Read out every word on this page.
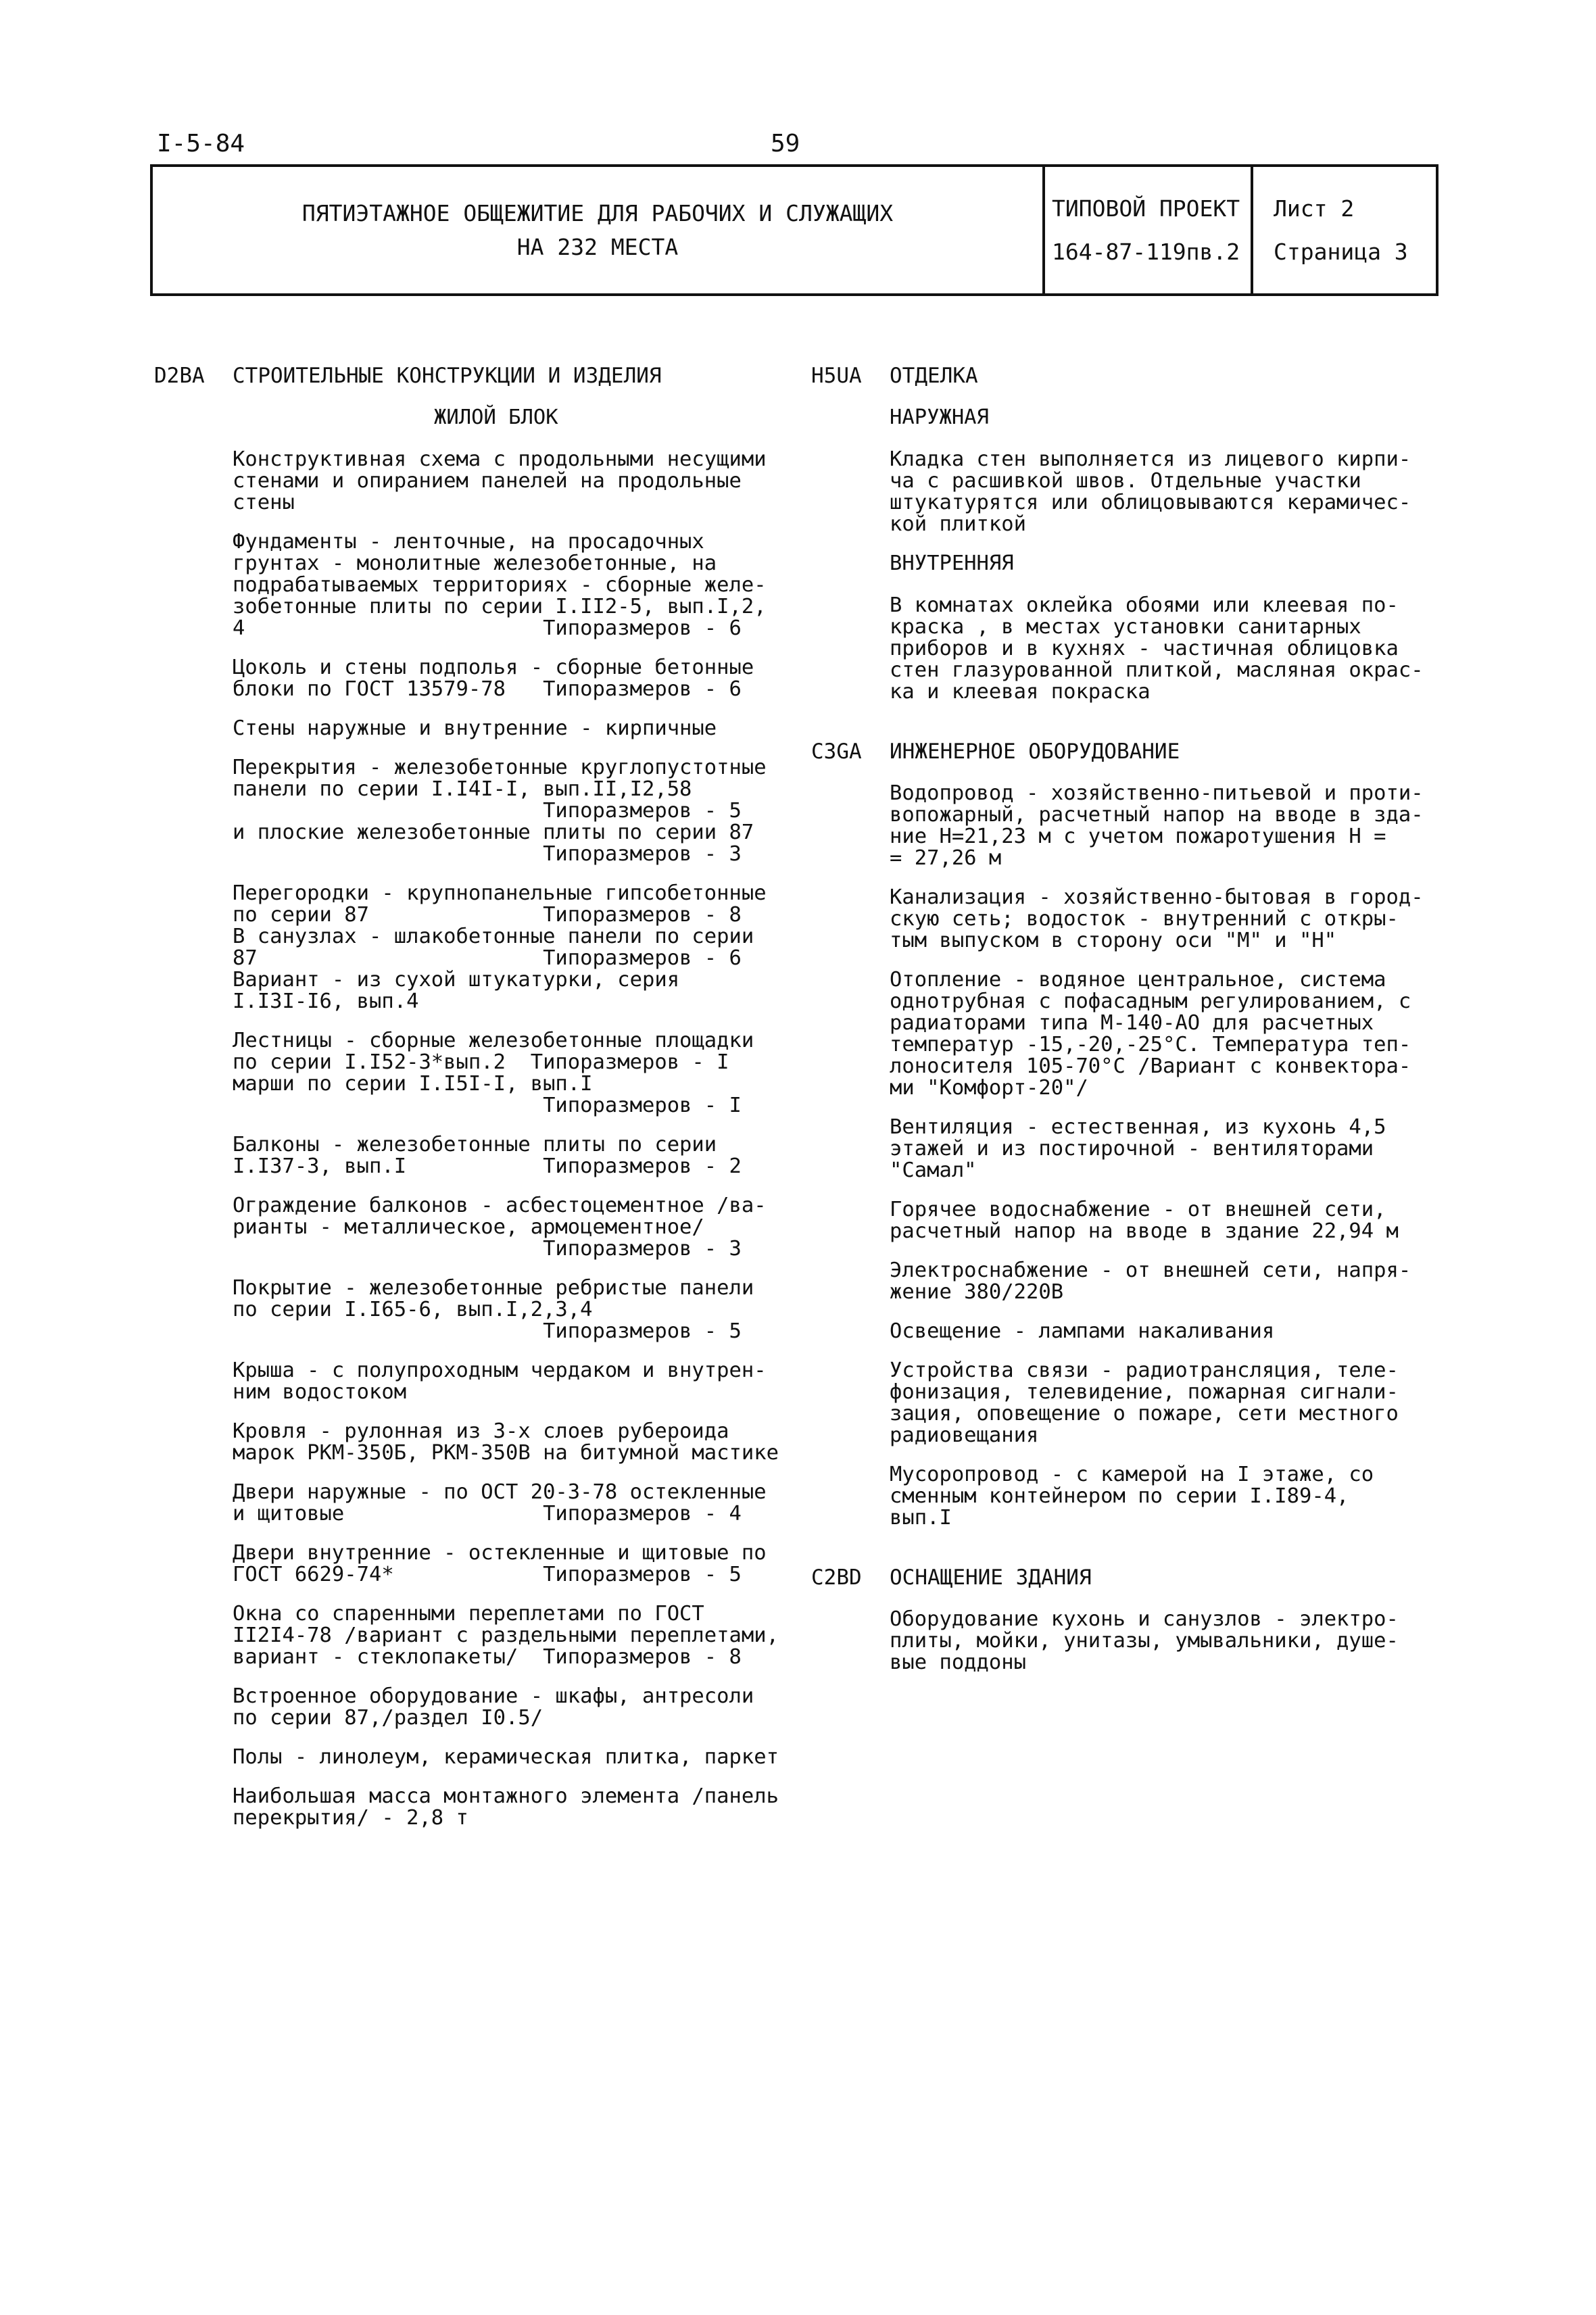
I-5-84	59
ПЯТИЭТАЖНОЕ ОБЩЕЖИТИЕ ДЛЯ РАБОЧИХ И СЛУЖАЩИХ
НА 232 МЕСТА
ТИПОВОЙ ПРОЕКТ
164-87-119пв.2
Лист 2
Страница 3
D2BA СТРОИТЕЛЬНЫЕ КОНСТРУКЦИИ И ИЗДЕЛИЯ
ЖИЛОЙ БЛОК
Конструктивная схема с продольными несущими
стенами и опиранием панелей на продольные
стены
Фундаменты - ленточные, на просадочных
грунтах - монолитные железобетонные, на
подрабатываемых территориях - сборные желе-
зобетонные плиты по серии I.II2-5, вып.I,2,
4                        Типоразмеров - 6
Цоколь и стены подполья - сборные бетонные
блоки по ГОСТ 13579-78   Типоразмеров - 6
Стены наружные и внутренние - кирпичные
Перекрытия - железобетонные круглопустотные
панели по серии I.I4I-I, вып.II,I2,58
Типоразмеров - 5
и плоские железобетонные плиты по серии 87
Типоразмеров - 3
Перегородки - крупнопанельные гипсобетонные
по серии 87              Типоразмеров - 8
В санузлах - шлакобетонные панели по серии
87                       Типоразмеров - 6
Вариант - из сухой штукатурки, серия
I.I3I-I6, вып.4
Лестницы - сборные железобетонные площадки
по серии I.I52-3*вып.2  Типоразмеров - I
марши по серии I.I5I-I, вып.I
Типоразмеров - I
Балконы - железобетонные плиты по серии
I.I37-3, вып.I           Типоразмеров - 2
Ограждение балконов - асбестоцементное /ва-
рианты - металлическое, армоцементное/
Типоразмеров - 3
Покрытие - железобетонные ребристые панели
по серии I.I65-6, вып.I,2,3,4
Типоразмеров - 5
Крыша - с полупроходным чердаком и внутрен-
ним водостоком
Кровля - рулонная из 3-х слоев рубероида
марок РКМ-350Б, РКМ-350В на битумной мастике
Двери наружные - по ОСТ 20-3-78 остекленные
и щитовые                Типоразмеров - 4
Двери внутренние - остекленные и щитовые по
ГОСТ 6629-74*            Типоразмеров - 5
Окна со спаренными переплетами по ГОСТ
II2I4-78 /вариант с раздельными переплетами,
вариант - стеклопакеты/  Типоразмеров - 8
Встроенное оборудование - шкафы, антресоли
по серии 87,/раздел I0.5/
Полы - линолеум, керамическая плитка, паркет
Наибольшая масса монтажного элемента /панель
перекрытия/ - 2,8 т
H5UA ОТДЕЛКА
НАРУЖНАЯ
Кладка стен выполняется из лицевого кирпи-
ча с расшивкой швов. Отдельные участки
штукатурятся или облицовываются керамичес-
кой плиткой
ВНУТРЕННЯЯ
В комнатах оклейка обоями или клеевая по-
краска , в местах установки санитарных
приборов и в кухнях - частичная облицовка
стен глазурованной плиткой, масляная окрас-
ка и клеевая покраска
C3GA ИНЖЕНЕРНОЕ ОБОРУДОВАНИЕ
Водопровод - хозяйственно-питьевой и проти-
вопожарный, расчетный напор на вводе в зда-
ние Н=21,23 м с учетом пожаротушения Н =
= 27,26 м
Канализация - хозяйственно-бытовая в город-
скую сеть; водосток - внутренний с откры-
тым выпуском в сторону оси "М" и "Н"
Отопление - водяное центральное, система
однотрубная с пофасадным регулированием, с
радиаторами типа М-140-АО для расчетных
температур -15,-20,-25°С. Температура теп-
лоносителя 105-70°С /Вариант с конвектора-
ми "Комфорт-20"/
Вентиляция - естественная, из кухонь 4,5
этажей и из постирочной - вентиляторами
"Самал"
Горячее водоснабжение - от внешней сети,
расчетный напор на вводе в здание 22,94 м
Электроснабжение - от внешней сети, напря-
жение 380/220В
Освещение - лампами накаливания
Устройства связи - радиотрансляция, теле-
фонизация, телевидение, пожарная сигнали-
зация, оповещение о пожаре, сети местного
радиовещания
Мусоропровод - с камерой на I этаже, со
сменным контейнером по серии I.I89-4,
вып.I
C2BD ОСНАЩЕНИЕ ЗДАНИЯ
Оборудование кухонь и санузлов - электро-
плиты, мойки, унитазы, умывальники, душе-
вые поддоны
